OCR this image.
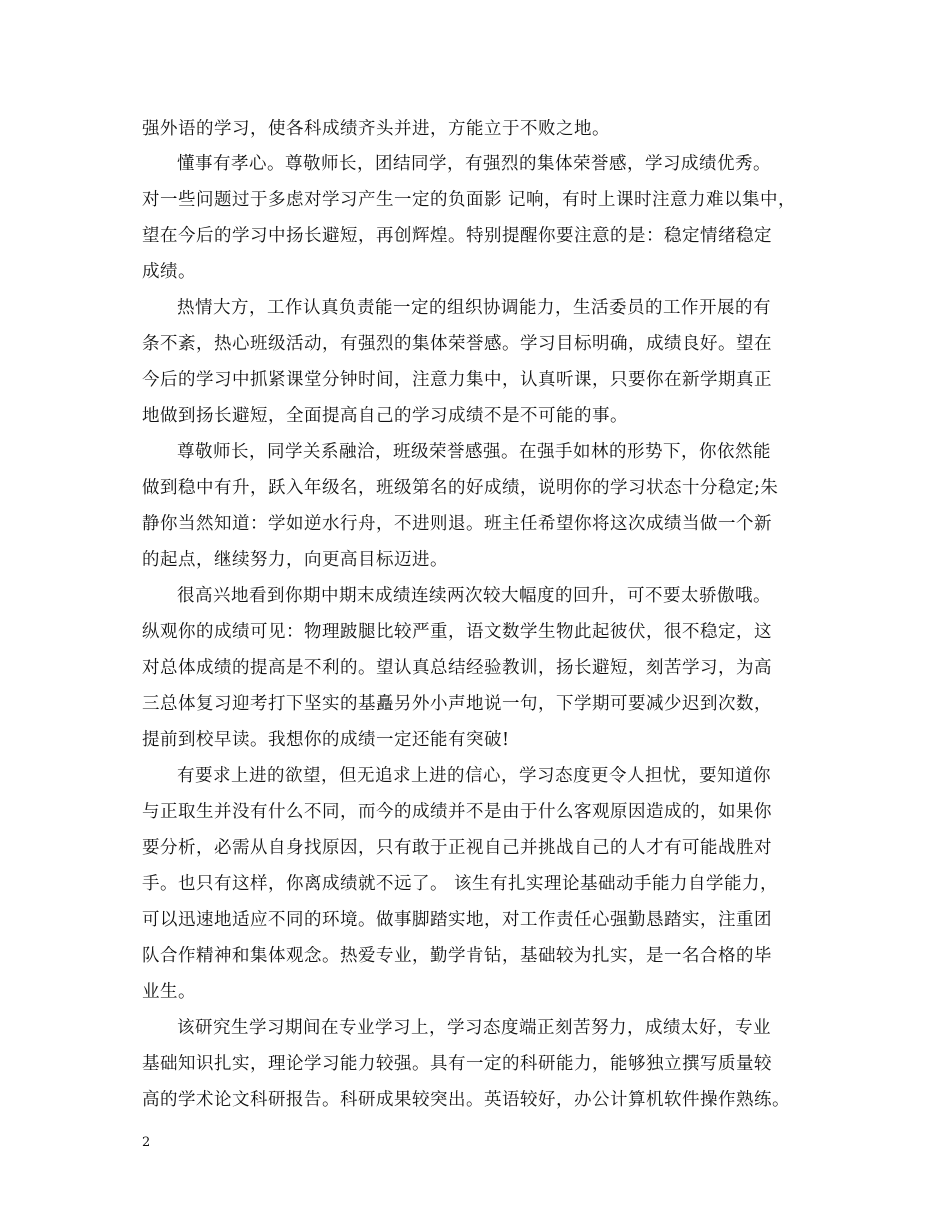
强外语的学习，使各科成绩齐头并进，方能立于不败之地。
懂事有孝心。尊敬师长，团结同学，有强烈的集体荣誉感，学习成绩优秀。
对一些问题过于多虑对学习产生一定的负面影 记响，有时上课时注意力难以集中，
望在今后的学习中扬长避短，再创辉煌。特别提醒你要注意的是：稳定情绪稳定
成绩。
热情大方，工作认真负责能一定的组织协调能力，生活委员的工作开展的有
条不紊，热心班级活动，有强烈的集体荣誉感。学习目标明确，成绩良好。望在
今后的学习中抓紧课堂分钟时间，注意力集中，认真听课，只要你在新学期真正
地做到扬长避短，全面提高自己的学习成绩不是不可能的事。
尊敬师长，同学关系融洽，班级荣誉感强。在强手如林的形势下，你依然能
做到稳中有升，跃入年级名，班级第名的好成绩，说明你的学习状态十分稳定;朱
静你当然知道：学如逆水行舟，不进则退。班主任希望你将这次成绩当做一个新
的起点，继续努力，向更高目标迈进。
很高兴地看到你期中期末成绩连续两次较大幅度的回升，可不要太骄傲哦。
纵观你的成绩可见：物理跛腿比较严重，语文数学生物此起彼伏，很不稳定，这
对总体成绩的提高是不利的。望认真总结经验教训，扬长避短，刻苦学习，为高
三总体复习迎考打下坚实的基矗另外小声地说一句，下学期可要减少迟到次数，
提前到校早读。我想你的成绩一定还能有突破!
有要求上进的欲望，但无追求上进的信心，学习态度更令人担忧，要知道你
与正取生并没有什么不同，而今的成绩并不是由于什么客观原因造成的，如果你
要分析，必需从自身找原因，只有敢于正视自己并挑战自己的人才有可能战胜对
手。也只有这样，你离成绩就不远了。 该生有扎实理论基础动手能力自学能力，
可以迅速地适应不同的环境。做事脚踏实地，对工作责任心强勤恳踏实，注重团
队合作精神和集体观念。热爱专业，勤学肯钻，基础较为扎实，是一名合格的毕
业生。
该研究生学习期间在专业学习上，学习态度端正刻苦努力，成绩太好，专业
基础知识扎实，理论学习能力较强。具有一定的科研能力，能够独立撰写质量较
高的学术论文科研报告。科研成果较突出。英语较好，办公计算机软件操作熟练。
2
